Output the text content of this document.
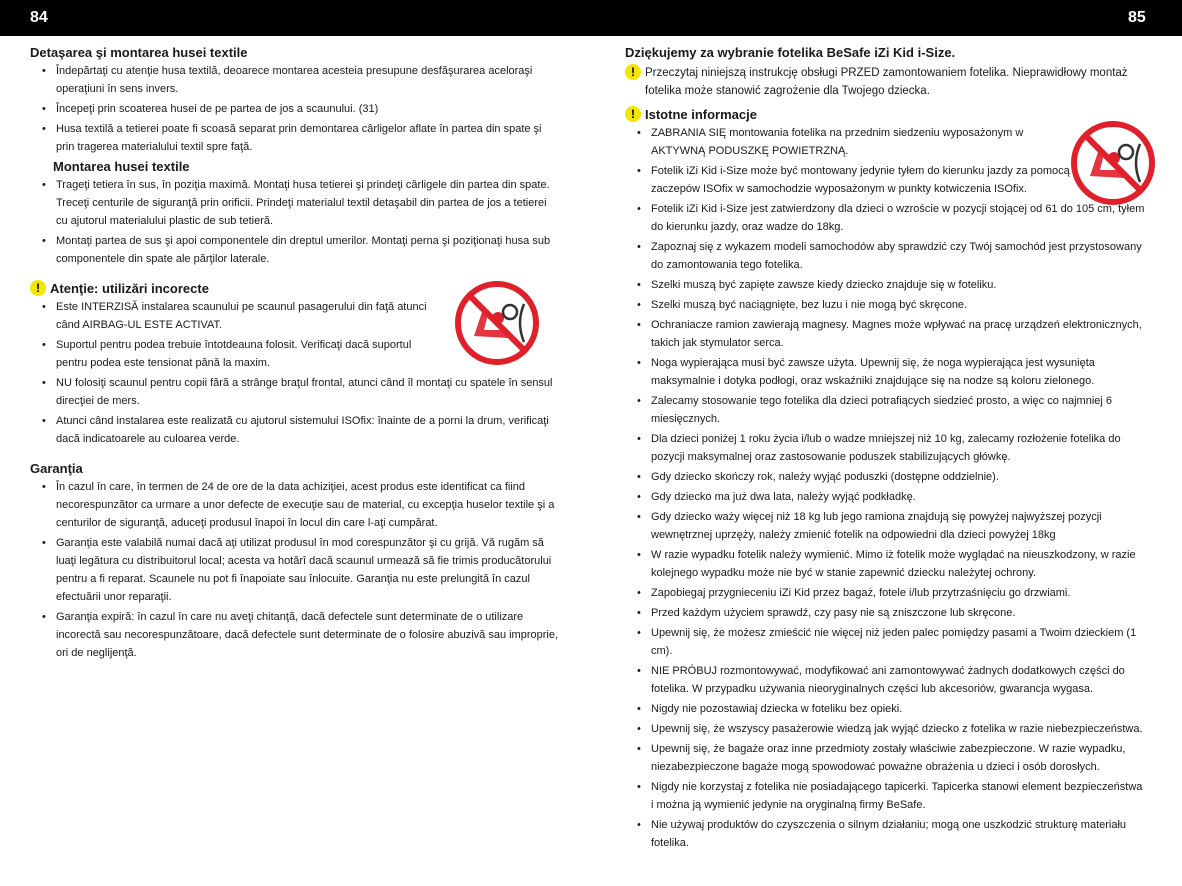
84	85
Detaşarea şi montarea husei textile
• Îndepărtaţi cu atenţie husa textilă, deoarece montarea acesteia presupune desfăşurarea aceloraşi operaţiuni în sens invers.
• Începeţi prin scoaterea husei de pe partea de jos a scaunului. (31)
• Husa textilă a tetierei poate fi scoasă separat prin demontarea cârligelor aflate în partea din spate şi prin tragerea materialului textil spre faţă.
Montarea husei textile
• Trageţi tetiera în sus, în poziţia maximă. Montaţi husa tetierei şi prindeţi cârligele din partea din spate. Treceţi centurile de siguranţă prin orificii. Prindeţi materialul textil detaşabil din partea de jos a tetierei cu ajutorul materialului plastic de sub tetieră.
• Montaţi partea de sus şi apoi componentele din dreptul umerilor. Montaţi perna şi poziţionaţi husa sub componentele din spate ale părţilor laterale.
! Atenţie: utilizări incorecte
• Este INTERZISĂ instalarea scaunului pe scaunul pasagerului din faţă atunci când AIRBAG-UL ESTE ACTIVAT.
• Suportul pentru podea trebuie întotdeauna folosit. Verificaţi dacă suportul pentru podea este tensionat până la maxim.
• NU folosiţi scaunul pentru copii fără a strânge braţul frontal, atunci când îl montaţi cu spatele în sensul direcţiei de mers.
• Atunci când instalarea este realizată cu ajutorul sistemului ISOfix: înainte de a porni la drum, verificaţi dacă indicatoarele au culoarea verde.
Garanţia
• În cazul în care, în termen de 24 de ore de la data achiziţiei, acest produs este identificat ca fiind necorespunzător ca urmare a unor defecte de execuţie sau de material, cu excepţia huselor textile şi a centurilor de siguranţă, aduceţi produsul înapoi în locul din care l-aţi cumpărat.
• Garanţia este valabilă numai dacă aţi utilizat produsul în mod corespunzător şi cu grijă. Vă rugăm să luaţi legătura cu distribuitorul local; acesta va hotărî dacă scaunul urmează să fie trimis producătorului pentru a fi reparat. Scaunele nu pot fi înapoiate sau înlocuite. Garanţia nu este prelungită în cazul efectuării unor reparaţii.
• Garanţia expiră: în cazul în care nu aveţi chitanţă, dacă defectele sunt determinate de o utilizare incorectă sau necorespunzătoare, dacă defectele sunt determinate de o folosire abuzivă sau improprie, ori de neglijenţă.
Dziękujemy za wybranie fotelika BeSafe iZi Kid i-Size.
! Przeczytaj niniejszą instrukcję obsługi PRZED zamontowaniem fotelika. Nieprawidłowy montaż fotelika może stanowić zagrożenie dla Twojego dziecka.
! Istotne informacje
• ZABRANIA SIĘ montowania fotelika na przednim siedzeniu wyposażonym w AKTYWNĄ PODUSZKĘ POWIETRZNĄ.
• Fotelik iZi Kid i-Size może być montowany jedynie tyłem do kierunku jazdy za pomocą zaczepów ISOfix w samochodzie wyposażonym w punkty kotwiczenia ISOfix.
• Fotelik iZi Kid i-Size jest zatwierdzony dla dzieci o wzroście w pozycji stojącej od 61 do 105 cm, tyłem do kierunku jazdy, oraz wadze do 18kg.
• Zapoznaj się z wykazem modeli samochodów aby sprawdzić czy Twój samochód jest przystosowany do zamontowania tego fotelika.
• Szelki muszą być zapięte zawsze kiedy dziecko znajduje się w foteliku.
• Szelki muszą być naciągnięte, bez luzu i nie mogą być skręcone.
• Ochraniacze ramion zawierają magnesy. Magnes może wpływać na pracę urządzeń elektronicznych, takich jak stymulator serca.
• Noga wypierająca musi być zawsze użyta. Upewnij się, że noga wypierająca jest wysunięta maksymalnie i dotyka podłogi, oraz wskaźniki znajdujące się na nodze są koloru zielonego.
• Zalecamy stosowanie tego fotelika dla dzieci potrafiących siedzieć prosto, a więc co najmniej 6 miesięcznych.
• Dla dzieci poniżej 1 roku życia i/lub o wadze mniejszej niż 10 kg, zalecamy rozłożenie fotelika do pozycji maksymalnej oraz zastosowanie poduszek stabilizujących główkę.
• Gdy dziecko skończy rok, należy wyjąć poduszki (dostępne oddzielnie).
• Gdy dziecko ma już dwa lata, należy wyjąć podkładkę.
• Gdy dziecko waży więcej niż 18 kg lub jego ramiona znajdują się powyżej najwyższej pozycji wewnętrznej uprzęży, należy zmienić fotelik na odpowiedni dla dzieci powyżej 18kg
• W razie wypadku fotelik należy wymienić. Mimo iż fotelik może wyglądać na nieuszkodzony, w razie kolejnego wypadku może nie być w stanie zapewnić dziecku należytej ochrony.
• Zapobiegaj przygnieceniu iZi Kid przez bagaż, fotele i/lub przytrzaśnięciu go drzwiami.
• Przed każdym użyciem sprawdź, czy pasy nie są zniszczone lub skręcone.
• Upewnij się, że możesz zmieścić nie więcej niż jeden palec pomiędzy pasami a Twoim dzieckiem (1 cm).
• NIE PRÓBUJ rozmontowywać, modyfikować ani zamontowywać żadnych dodatkowych części do fotelika. W przypadku używania nieoryginalnych części lub akcesoriów, gwarancja wygasa.
• Nigdy nie pozostawiaj dziecka w foteliku bez opieki.
• Upewnij się, że wszyscy pasażerowie wiedzą jak wyjąć dziecko z fotelika w razie niebezpieczeństwa.
• Upewnij się, że bagaże oraz inne przedmioty zostały właściwie zabezpieczone. W razie wypadku, niezabezpieczone bagaże mogą spowodować poważne obrażenia u dzieci i osób dorosłych.
• Nigdy nie korzystaj z fotelika nie posiadającego tapicerki. Tapicerka stanowi element bezpieczeństwa i można ją wymienić jedynie na oryginalną firmy BeSafe.
• Nie używaj produktów do czyszczenia o silnym działaniu; mogą one uszkodzić strukturę materiału fotelika.
